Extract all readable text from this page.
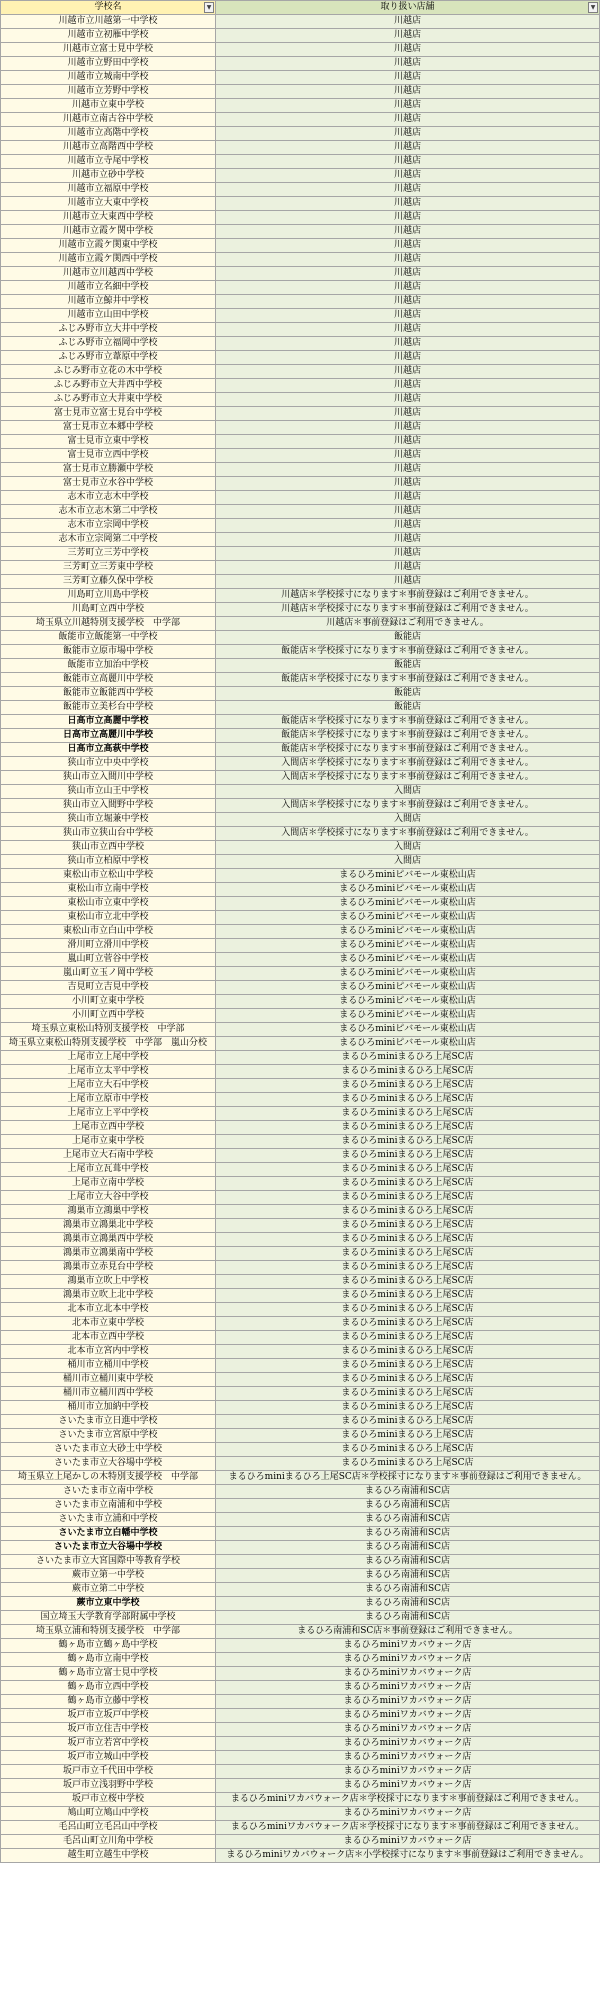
学校名 ▼	取り扱い店舗 ▼

川越市立川越第一中学校	川越店
川越市立初雁中学校	川越店
川越市立富士見中学校	川越店
川越市立野田中学校	川越店
川越市立城南中学校	川越店
川越市立芳野中学校	川越店
川越市立東中学校	川越店
川越市立南古谷中学校	川越店
川越市立高階中学校	川越店
川越市立高階西中学校	川越店
川越市立寺尾中学校	川越店
川越市立砂中学校	川越店
川越市立福原中学校	川越店
川越市立大東中学校	川越店
川越市立大東西中学校	川越店
川越市立霞ケ関中学校	川越店
川越市立霞ケ関東中学校	川越店
川越市立霞ケ関西中学校	川越店
川越市立川越西中学校	川越店
川越市立名細中学校	川越店
川越市立鯨井中学校	川越店
川越市立山田中学校	川越店
ふじみ野市立大井中学校	川越店
ふじみ野市立福岡中学校	川越店
ふじみ野市立葦原中学校	川越店
ふじみ野市立花の木中学校	川越店
ふじみ野市立大井西中学校	川越店
ふじみ野市立大井東中学校	川越店
富士見市立富士見台中学校	川越店
富士見市立本郷中学校	川越店
富士見市立東中学校	川越店
富士見市立西中学校	川越店
富士見市立勝瀬中学校	川越店
富士見市立水谷中学校	川越店
志木市立志木中学校	川越店
志木市立志木第二中学校	川越店
志木市立宗岡中学校	川越店
志木市立宗岡第二中学校	川越店
三芳町立三芳中学校	川越店
三芳町立三芳東中学校	川越店
三芳町立藤久保中学校	川越店
川島町立川島中学校	川越店＊学校採寸になります＊事前登録はご利用できません。
川島町立西中学校	川越店＊学校採寸になります＊事前登録はご利用できません。
埼玉県立川越特別支援学校　中学部	川越店＊事前登録はご利用できません。
飯能市立飯能第一中学校	飯能店
飯能市立原市場中学校	飯能店＊学校採寸になります＊事前登録はご利用できません。
飯能市立加治中学校	飯能店
飯能市立高麗川中学校	飯能店＊学校採寸になります＊事前登録はご利用できません。
飯能市立飯能西中学校	飯能店
飯能市立美杉台中学校	飯能店
日高市立高麗中学校	飯能店＊学校採寸になります＊事前登録はご利用できません。
日高市立高麗川中学校	飯能店＊学校採寸になります＊事前登録はご利用できません。
日高市立高萩中学校	飯能店＊学校採寸になります＊事前登録はご利用できません。
狭山市立中央中学校	入間店＊学校採寸になります＊事前登録はご利用できません。
狭山市立入間川中学校	入間店＊学校採寸になります＊事前登録はご利用できません。
狭山市立山王中学校	入間店
狭山市立入間野中学校	入間店＊学校採寸になります＊事前登録はご利用できません。
狭山市立堀兼中学校	入間店
狭山市立狭山台中学校	入間店＊学校採寸になります＊事前登録はご利用できません。
狭山市立西中学校	入間店
狭山市立柏原中学校	入間店
東松山市立松山中学校	まるひろminiピバモール東松山店
東松山市立南中学校	まるひろminiピバモール東松山店
東松山市立東中学校	まるひろminiピバモール東松山店
東松山市立北中学校	まるひろminiピバモール東松山店
東松山市立白山中学校	まるひろminiピバモール東松山店
滑川町立滑川中学校	まるひろminiピバモール東松山店
嵐山町立菅谷中学校	まるひろminiピバモール東松山店
嵐山町立玉ノ岡中学校	まるひろminiピバモール東松山店
吉見町立吉見中学校	まるひろminiピバモール東松山店
小川町立東中学校	まるひろminiピバモール東松山店
小川町立西中学校	まるひろminiピバモール東松山店
埼玉県立東松山特別支援学校　中学部	まるひろminiピバモール東松山店
埼玉県立東松山特別支援学校　中学部　嵐山分校	まるひろminiピバモール東松山店
上尾市立上尾中学校	まるひろminiまるひろ上尾SC店
上尾市立太平中学校	まるひろminiまるひろ上尾SC店
上尾市立大石中学校	まるひろminiまるひろ上尾SC店
上尾市立原市中学校	まるひろminiまるひろ上尾SC店
上尾市立上平中学校	まるひろminiまるひろ上尾SC店
上尾市立西中学校	まるひろminiまるひろ上尾SC店
上尾市立東中学校	まるひろminiまるひろ上尾SC店
上尾市立大石南中学校	まるひろminiまるひろ上尾SC店
上尾市立瓦葺中学校	まるひろminiまるひろ上尾SC店
上尾市立南中学校	まるひろminiまるひろ上尾SC店
上尾市立大谷中学校	まるひろminiまるひろ上尾SC店
鴻巣市立鴻巣中学校	まるひろminiまるひろ上尾SC店
鴻巣市立鴻巣北中学校	まるひろminiまるひろ上尾SC店
鴻巣市立鴻巣西中学校	まるひろminiまるひろ上尾SC店
鴻巣市立鴻巣南中学校	まるひろminiまるひろ上尾SC店
鴻巣市立赤見台中学校	まるひろminiまるひろ上尾SC店
鴻巣市立吹上中学校	まるひろminiまるひろ上尾SC店
鴻巣市立吹上北中学校	まるひろminiまるひろ上尾SC店
北本市立北本中学校	まるひろminiまるひろ上尾SC店
北本市立東中学校	まるひろminiまるひろ上尾SC店
北本市立西中学校	まるひろminiまるひろ上尾SC店
北本市立宮内中学校	まるひろminiまるひろ上尾SC店
桶川市立桶川中学校	まるひろminiまるひろ上尾SC店
桶川市立桶川東中学校	まるひろminiまるひろ上尾SC店
桶川市立桶川西中学校	まるひろminiまるひろ上尾SC店
桶川市立加納中学校	まるひろminiまるひろ上尾SC店
さいたま市立日進中学校	まるひろminiまるひろ上尾SC店
さいたま市立宮原中学校	まるひろminiまるひろ上尾SC店
さいたま市立大砂土中学校	まるひろminiまるひろ上尾SC店
さいたま市立大谷場中学校	まるひろminiまるひろ上尾SC店
埼玉県立上尾かしの木特別支援学校　中学部	まるひろminiまるひろ上尾SC店＊学校採寸になります＊事前登録はご利用できません。
さいたま市立南中学校	まるひろ南浦和SC店
さいたま市立南浦和中学校	まるひろ南浦和SC店
さいたま市立浦和中学校	まるひろ南浦和SC店
さいたま市立白幡中学校	まるひろ南浦和SC店
さいたま市立大谷場中学校	まるひろ南浦和SC店
さいたま市立大宮国際中等教育学校	まるひろ南浦和SC店
蕨市立第一中学校	まるひろ南浦和SC店
蕨市立第二中学校	まるひろ南浦和SC店
蕨市立東中学校	まるひろ南浦和SC店
国立埼玉大学教育学部附属中学校	まるひろ南浦和SC店
埼玉県立浦和特別支援学校　中学部	まるひろ南浦和SC店＊事前登録はご利用できません。
鶴ヶ島市立鶴ヶ島中学校	まるひろminiワカバウォーク店
鶴ヶ島市立南中学校	まるひろminiワカバウォーク店
鶴ヶ島市立富士見中学校	まるひろminiワカバウォーク店
鶴ヶ島市立西中学校	まるひろminiワカバウォーク店
鶴ヶ島市立藤中学校	まるひろminiワカバウォーク店
坂戸市立坂戸中学校	まるひろminiワカバウォーク店
坂戸市立住吉中学校	まるひろminiワカバウォーク店
坂戸市立若宮中学校	まるひろminiワカバウォーク店
坂戸市立城山中学校	まるひろminiワカバウォーク店
坂戸市立千代田中学校	まるひろminiワカバウォーク店
坂戸市立浅羽野中学校	まるひろminiワカバウォーク店
坂戸市立桜中学校	まるひろminiワカバウォーク店＊学校採寸になります＊事前登録はご利用できません。
鳩山町立鳩山中学校	まるひろminiワカバウォーク店
毛呂山町立毛呂山中学校	まるひろminiワカバウォーク店＊学校採寸になります＊事前登録はご利用できません。
毛呂山町立川角中学校	まるひろminiワカバウォーク店
越生町立越生中学校	まるひろminiワカバウォーク店＊小学校採寸になります＊事前登録はご利用できません。
